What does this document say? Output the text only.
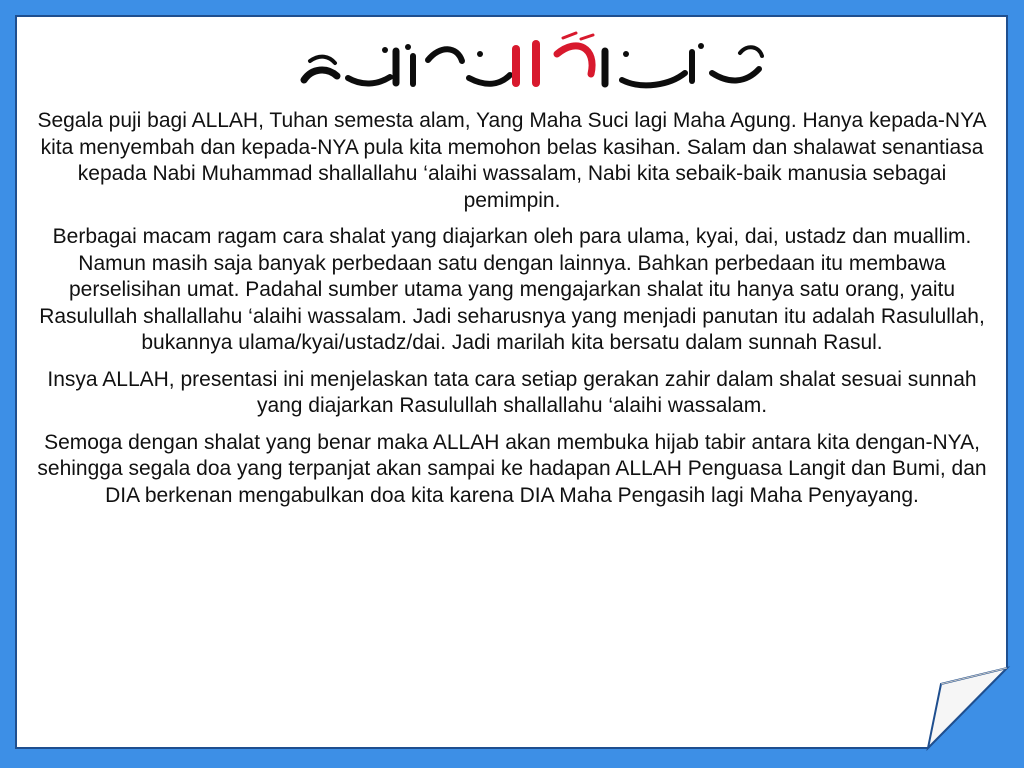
Segala puji bagi ALLAH, Tuhan semesta alam, Yang Maha Suci lagi Maha Agung. Hanya kepada-NYA kita menyembah dan kepada-NYA pula kita memohon belas kasihan. Salam dan shalawat senantiasa kepada Nabi Muhammad shallallahu ‘alaihi wassalam, Nabi kita sebaik-baik manusia sebagai pemimpin.

Berbagai macam ragam cara shalat yang diajarkan oleh para ulama, kyai, dai, ustadz dan muallim. Namun masih saja banyak perbedaan satu dengan lainnya. Bahkan perbedaan itu membawa perselisihan umat. Padahal sumber utama yang mengajarkan shalat itu hanya satu orang, yaitu Rasulullah shallallahu ‘alaihi wassalam. Jadi seharusnya yang menjadi panutan itu adalah Rasulullah, bukannya ulama/kyai/ustadz/dai. Jadi marilah kita bersatu dalam sunnah Rasul.

Insya ALLAH, presentasi ini menjelaskan tata cara setiap gerakan zahir dalam shalat sesuai sunnah yang diajarkan Rasulullah shallallahu ‘alaihi wassalam.

Semoga dengan shalat yang benar maka ALLAH akan membuka hijab tabir antara kita dengan-NYA, sehingga segala doa yang terpanjat akan sampai ke hadapan ALLAH Penguasa Langit dan Bumi, dan DIA berkenan mengabulkan doa kita karena DIA Maha Pengasih lagi Maha Penyayang.
